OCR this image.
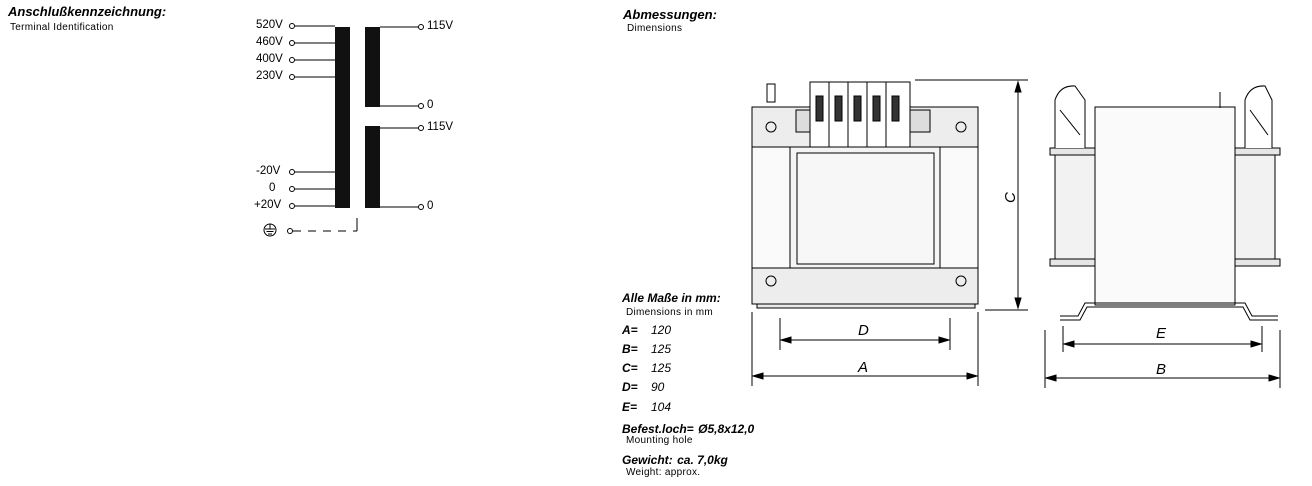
Anschlußkennzeichnung:
Terminal Identification
Abmessungen:
Dimensions
520V
460V
400V
230V
-20V
0
+20V
115V
0
115V
0
D
A
E
B
C
Alle Maße in mm:
Dimensions in mm
A= 120
B= 125
C= 125
D= 90
E= 104
Befest.loch= Ø5,8x12,0
Mounting hole
Gewicht: ca. 7,0kg
Weight: approx.
